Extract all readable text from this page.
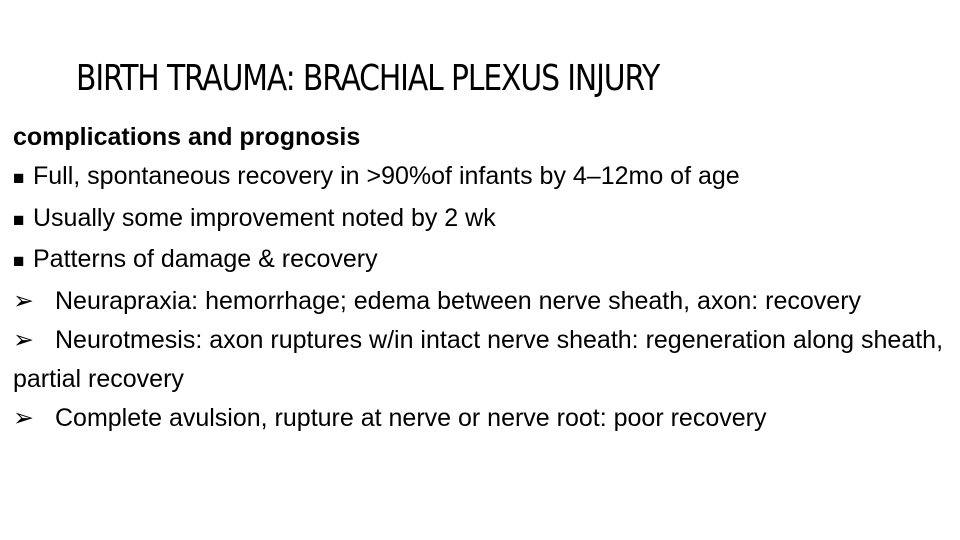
BIRTH TRAUMA: BRACHIAL PLEXUS INJURY
complications and prognosis
■ Full, spontaneous recovery in >90%of infants by 4–12mo of age
■ Usually some improvement noted by 2 wk
■ Patterns of damage & recovery
➢ Neurapraxia: hemorrhage; edema between nerve sheath, axon: recovery
➢ Neurotmesis: axon ruptures w/in intact nerve sheath: regeneration along sheath, partial recovery
➢ Complete avulsion, rupture at nerve or nerve root: poor recovery
